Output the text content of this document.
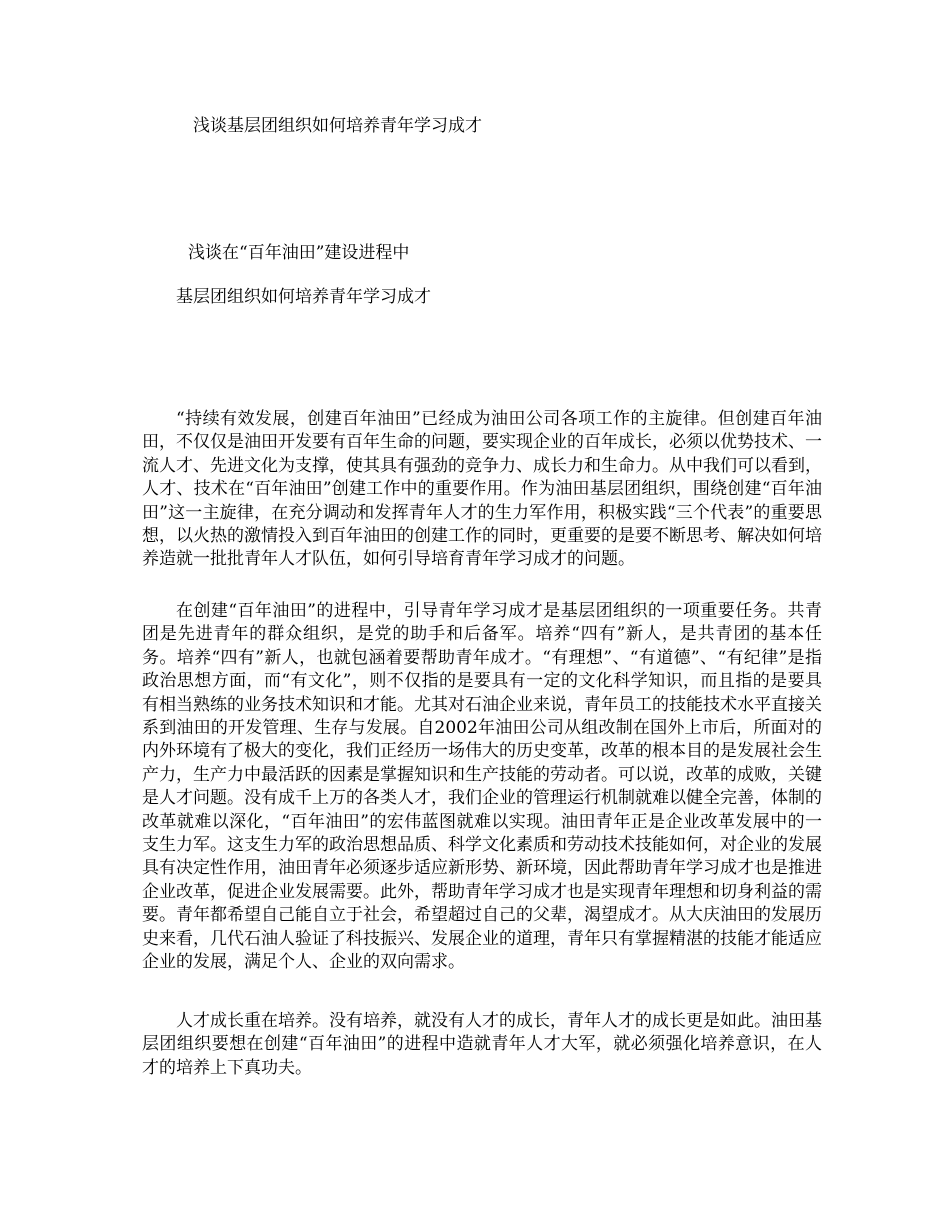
浅谈基层团组织如何培养青年学习成才
浅谈在“百年油田”建设进程中
基层团组织如何培养青年学习成才

“持续有效发展，创建百年油田”已经成为油田公司各项工作的主旋律。但创建百年油田，不仅仅是油田开发要有百年生命的问题，要实现企业的百年成长，必须以优势技术、一流人才、先进文化为支撑，使其具有强劲的竞争力、成长力和生命力。从中我们可以看到，人才、技术在“百年油田”创建工作中的重要作用。作为油田基层团组织，围绕创建“百年油田”这一主旋律，在充分调动和发挥青年人才的生力军作用，积极实践“三个代表”的重要思想，以火热的激情投入到百年油田的创建工作的同时，更重要的是要不断思考、解决如何培养造就一批批青年人才队伍，如何引导培育青年学习成才的问题。

在创建“百年油田”的进程中，引导青年学习成才是基层团组织的一项重要任务。共青团是先进青年的群众组织，是党的助手和后备军。培养“四有”新人，是共青团的基本任务。培养“四有”新人，也就包涵着要帮助青年成才。“有理想”、“有道德”、“有纪律”是指政治思想方面，而“有文化”，则不仅指的是要具有一定的文化科学知识，而且指的是要具有相当熟练的业务技术知识和才能。尤其对石油企业来说，青年员工的技能技术水平直接关系到油田的开发管理、生存与发展。自2002年油田公司从组改制在国外上市后，所面对的内外环境有了极大的变化，我们正经历一场伟大的历史变革，改革的根本目的是发展社会生产力，生产力中最活跃的因素是掌握知识和生产技能的劳动者。可以说，改革的成败，关键是人才问题。没有成千上万的各类人才，我们企业的管理运行机制就难以健全完善，体制的改革就难以深化，“百年油田”的宏伟蓝图就难以实现。油田青年正是企业改革发展中的一支生力军。这支生力军的政治思想品质、科学文化素质和劳动技术技能如何，对企业的发展具有决定性作用，油田青年必须逐步适应新形势、新环境，因此帮助青年学习成才也是推进企业改革，促进企业发展需要。此外，帮助青年学习成才也是实现青年理想和切身利益的需要。青年都希望自己能自立于社会，希望超过自己的父辈，渴望成才。从大庆油田的发展历史来看，几代石油人验证了科技振兴、发展企业的道理，青年只有掌握精湛的技能才能适应企业的发展，满足个人、企业的双向需求。

人才成长重在培养。没有培养，就没有人才的成长，青年人才的成长更是如此。油田基层团组织要想在创建“百年油田”的进程中造就青年人才大军，就必须强化培养意识，在人才的培养上下真功夫。
